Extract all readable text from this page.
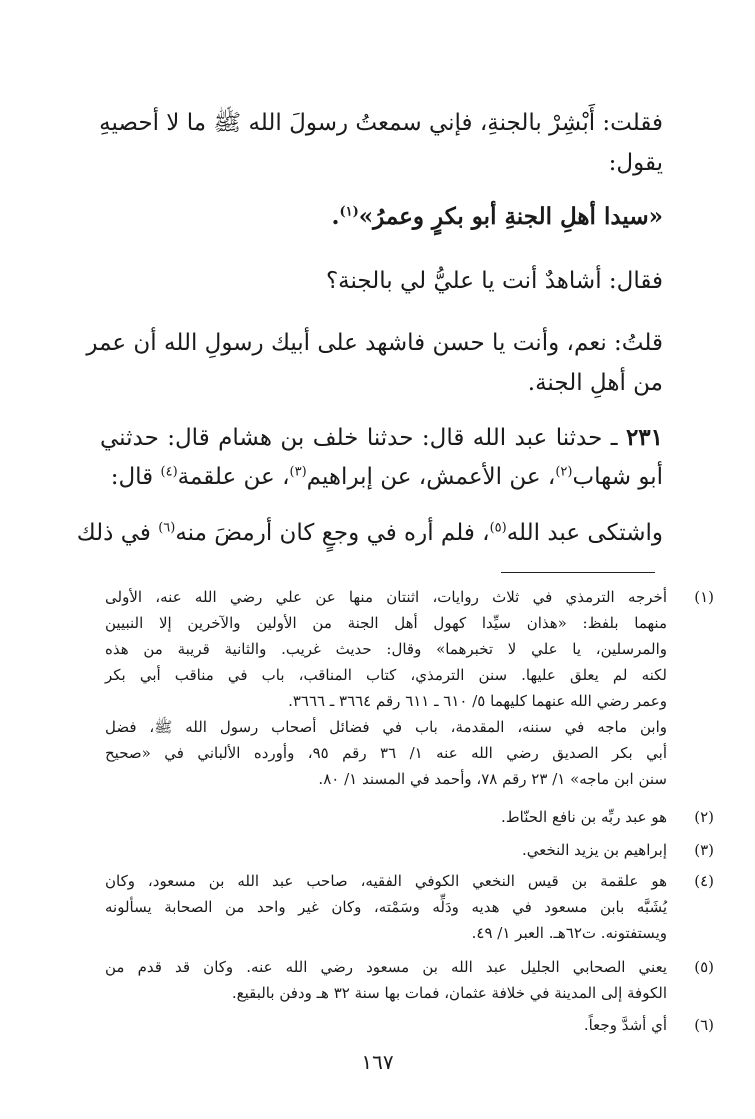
فقلت: أَبْشِرْ بالجنةِ، فإني سمعتُ رسولَ الله ﷺ ما لا أحصيهِ
يقول:
«سيدا أهلِ الجنةِ أبو بكرٍ وعمرُ»$^{(١)}$.
فقال: أشاهدٌ أنت يا عليُّ لي بالجنة؟
قلتُ: نعم، وأنت يا حسن فاشهد على أبيك رسولِ الله أن عمر
من أهلِ الجنة.
٢٣١ ـ حدثنا عبد الله قال: حدثنا خلف بن هشام قال: حدثني
أبو شهاب$^{(٢)}$، عن الأعمش، عن إبراهيم$^{(٣)}$، عن علقمة$^{(٤)}$ قال:
واشتكى عبد الله$^{(٥)}$، فلم أره في وجعٍ كان أرمضَ منه$^{(٦)}$ في ذلك
(١)
(٢)
(٣)
(٤)
(٥)
(٦)
أخرجه الترمذي في ثلاث روايات، اثنتان منها عن علي رضي الله عنه، الأولى
منهما بلفظ: «هذان سيِّدا كهول أهل الجنة من الأولين والآخرين إلا النبيين
والمرسلين، يا علي لا تخبرهما» وقال: حديث غريب. والثانية قريبة من هذه
لكنه لم يعلق عليها. سنن الترمذي، كتاب المناقب، باب في مناقب أبي بكر
وعمر رضي الله عنهما كليهما ٥/ ٦١٠ ـ ٦١١ رقم ٣٦٦٤ ـ ٣٦٦٦.
وابن ماجه في سننه، المقدمة، باب في فضائل أصحاب رسول الله ﷺ، فضل
أبي بكر الصديق رضي الله عنه ١/ ٣٦ رقم ٩٥، وأورده الألباني في «صحيح
سنن ابن ماجه» ١/ ٢٣ رقم ٧٨، وأحمد في المسند ١/ ٨٠.
هو عبد ربِّه بن نافع الحنّاط.
إبراهيم بن يزيد النخعي.
هو علقمة بن قيس النخعي الكوفي الفقيه، صاحب عبد الله بن مسعود، وكان
يُشَبَّه بابن مسعود في هديه ودَلِّه وسَمْته، وكان غير واحد من الصحابة يسألونه
ويستفتونه. ت٦٢هـ. العبر ١/ ٤٩.
يعني الصحابي الجليل عبد الله بن مسعود رضي الله عنه. وكان قد قدم من
الكوفة إلى المدينة في خلافة عثمان، فمات بها سنة ٣٢ هـ ودفن بالبقيع.
أي أشدَّ وجعاً.
١٦٧
